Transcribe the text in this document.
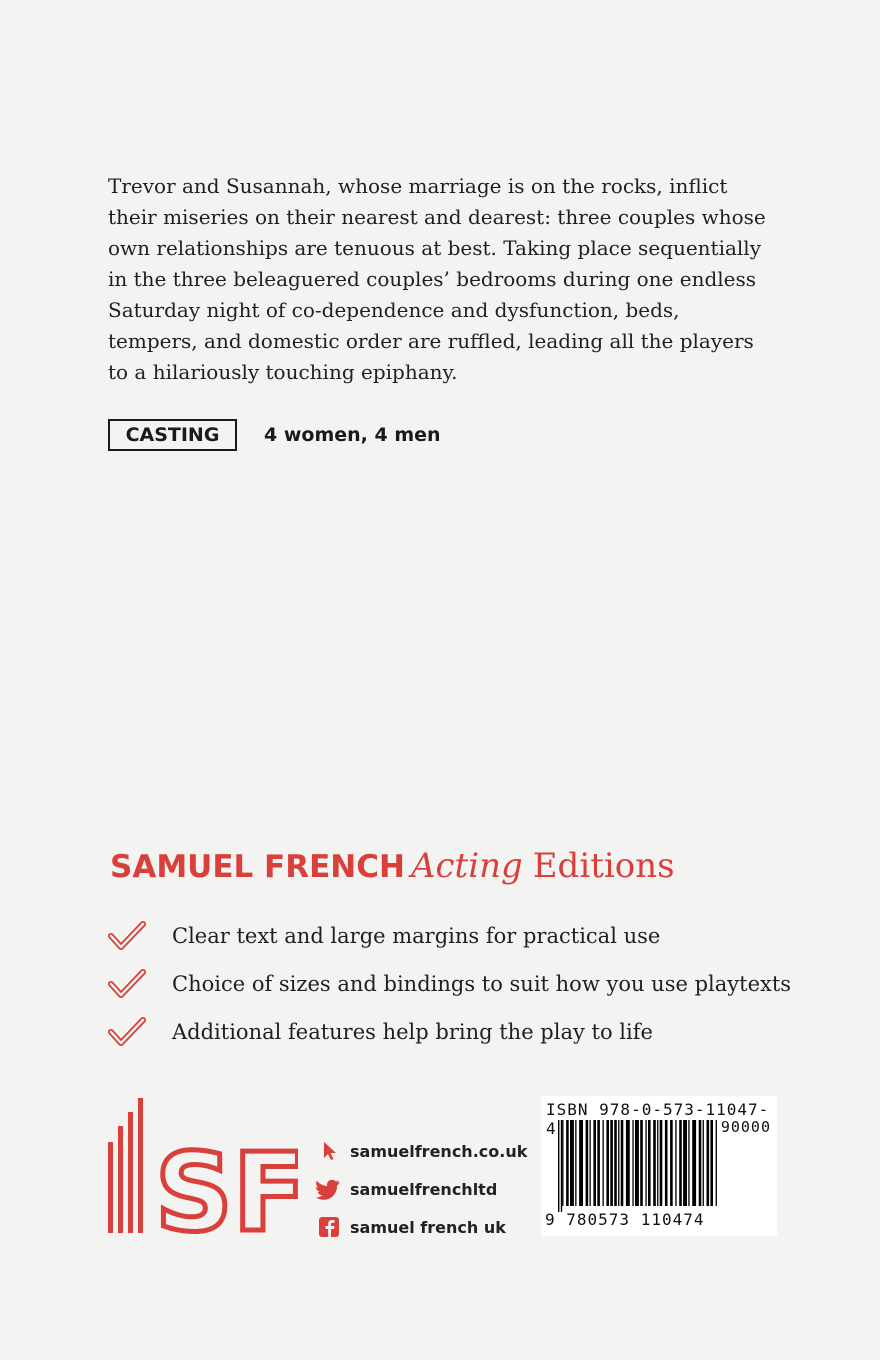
Trevor and Susannah, whose marriage is on the rocks, inflict
their miseries on their nearest and dearest: three couples whose
own relationships are tenuous at best. Taking place sequentially
in the three beleaguered couples’ bedrooms during one endless
Saturday night of co-dependence and dysfunction, beds,
tempers, and domestic order are ruffled, leading all the players
to a hilariously touching epiphany.
CASTING	4 women, 4 men
SAMUEL FRENCH Acting Editions
Clear text and large margins for practical use
Choice of sizes and bindings to suit how you use playtexts
Additional features help bring the play to life
SF	samuelfrench.co.uk
samuelfrenchltd
samuel french uk
ISBN 978-0-573-11047-4	90000
9 780573 110474
